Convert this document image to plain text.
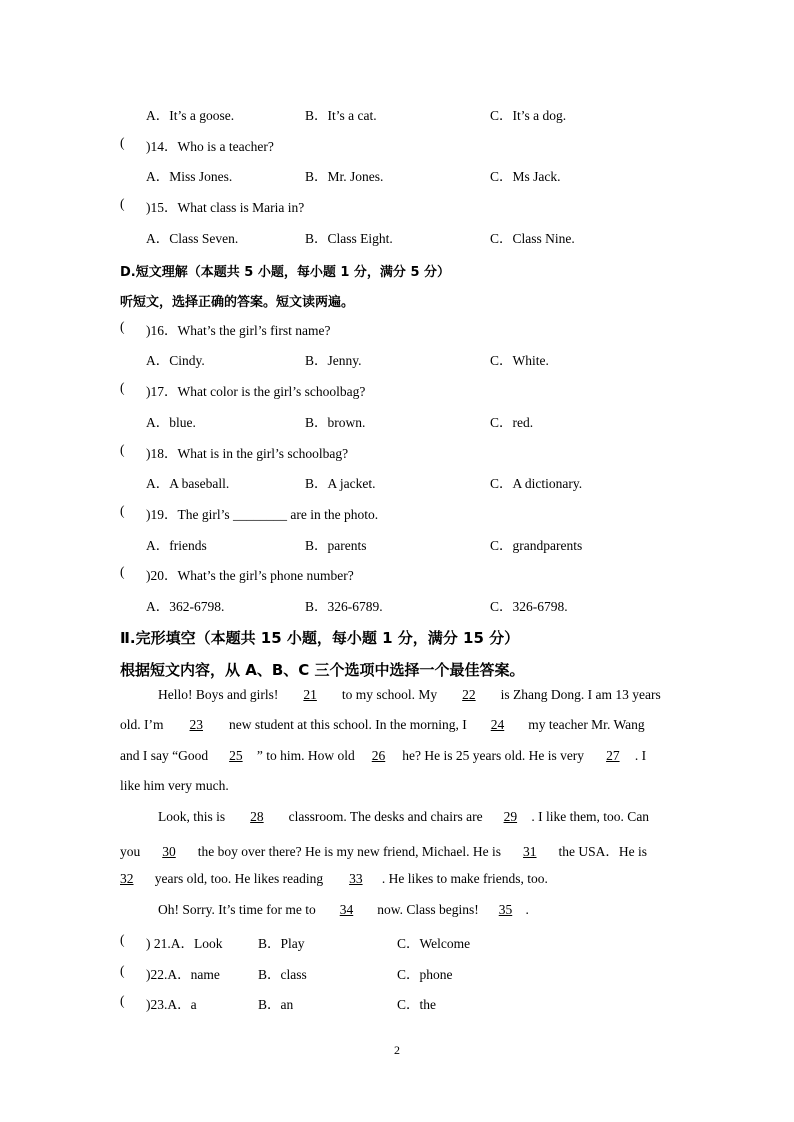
A．It’s a goose.	B．It’s a cat.	C．It’s a dog.
( )14．Who is a teacher?
A．Miss Jones.	B．Mr. Jones.	C．Ms Jack.
( )15．What class is Maria in?
A．Class Seven.	B．Class Eight.	C．Class Nine.
D.短文理解（本题共 5 小题，每小题 1 分，满分 5 分）
听短文，选择正确的答案。短文读两遍。
( )16．What’s the girl’s first name?
A．Cindy.	B．Jenny.	C．White.
( )17．What color is the girl’s schoolbag?
A．blue.	B．brown.	C．red.
( )18．What is in the girl’s schoolbag?
A．A baseball.	B．A jacket.	C．A dictionary.
( )19．The girl’s ________ are in the photo.
A．friends	B．parents	C．grandparents
( )20．What’s the girl’s phone number?
A．362-6798.	B．326-6789.	C．326-6798.
Ⅱ.完形填空（本题共 15 小题，每小题 1 分，满分 15 分）
根据短文内容，从 A、B、C 三个选项中选择一个最佳答案。
Hello! Boys and girls! 21 to my school. My 22 is Zhang Dong. I am 13 years
old. I’m 23 new student at this school. In the morning, I 24 my teacher Mr. Wang
and I say “Good 25 ” to him. How old 26 he? He is 25 years old. He is very 27 . I
like him very much.
Look, this is 28 classroom. The desks and chairs are 29 . I like them, too. Can
you 30 the boy over there? He is my new friend, Michael. He is 31 the USA．He is
32 years old, too. He likes reading 33 . He likes to make friends, too.
Oh! Sorry. It’s time for me to 34 now. Class begins! 35 .
( ) 21.A．Look	B．Play	C．Welcome
( )22.A．name	B．class	C．phone
( )23.A．a	B．an	C．the
2
